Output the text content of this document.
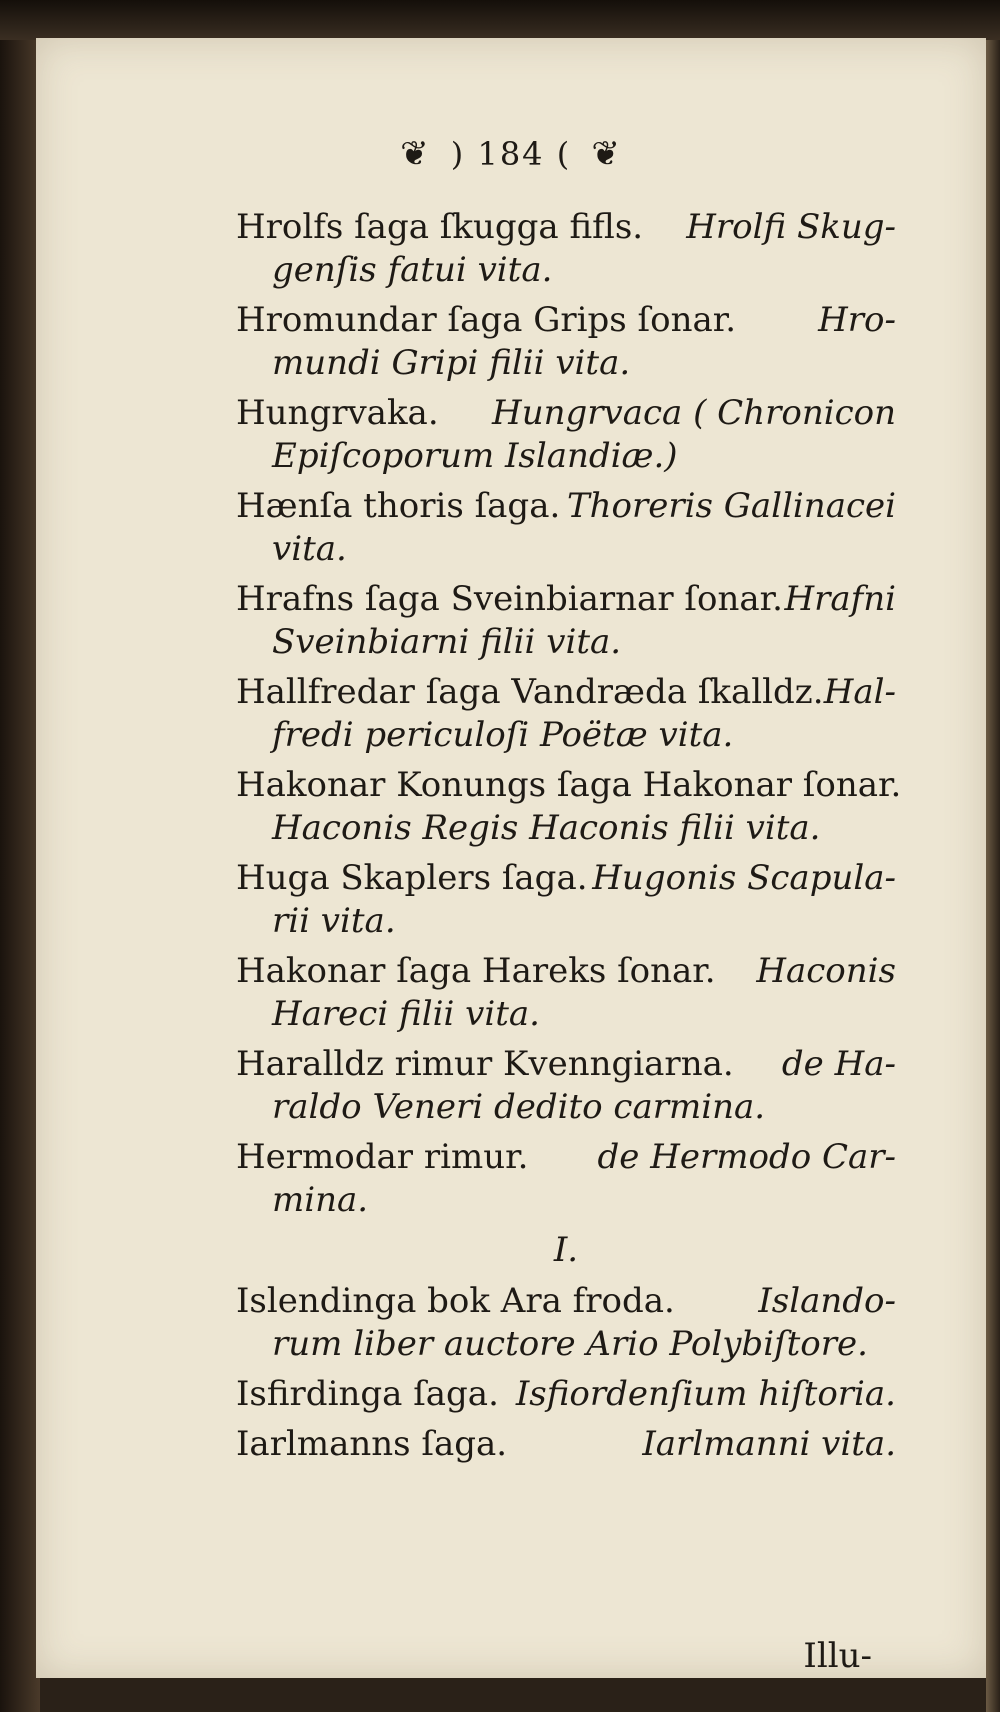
❦ ) 184 ( ❦
Hrolfs ſaga ſkugga fifls. Hrolfi Skug-
genſis fatui vita.
Hromundar ſaga Grips ſonar. Hro-
mundi Gripi filii vita.
Hungrvaka. Hungrvaca ( Chronicon
Epiſcoporum Islandiæ.)
Hænſa thoris ſaga. Thoreris Gallinacei
vita.
Hrafns ſaga Sveinbiarnar ſonar. Hrafni
Sveinbiarni filii vita.
Hallfredar ſaga Vandræda ſkalldz. Hal-
fredi periculoſi Poëtæ vita.
Hakonar Konungs ſaga Hakonar ſonar.
Haconis Regis Haconis filii vita.
Huga Skaplers ſaga. Hugonis Scapula-
rii vita.
Hakonar ſaga Hareks ſonar. Haconis
Hareci filii vita.
Haralldz rimur Kvenngiarna. de Ha-
raldo Veneri dedito carmina.
Hermodar rimur. de Hermodo Car-
mina.
I.
Islendinga bok Ara froda. Islando-
rum liber auctore Ario Polybiſtore.
Isfirdinga ſaga. Isfiordenſium hiſtoria.
Iarlmanns ſaga.	Iarlmanni vita.
Illu-
